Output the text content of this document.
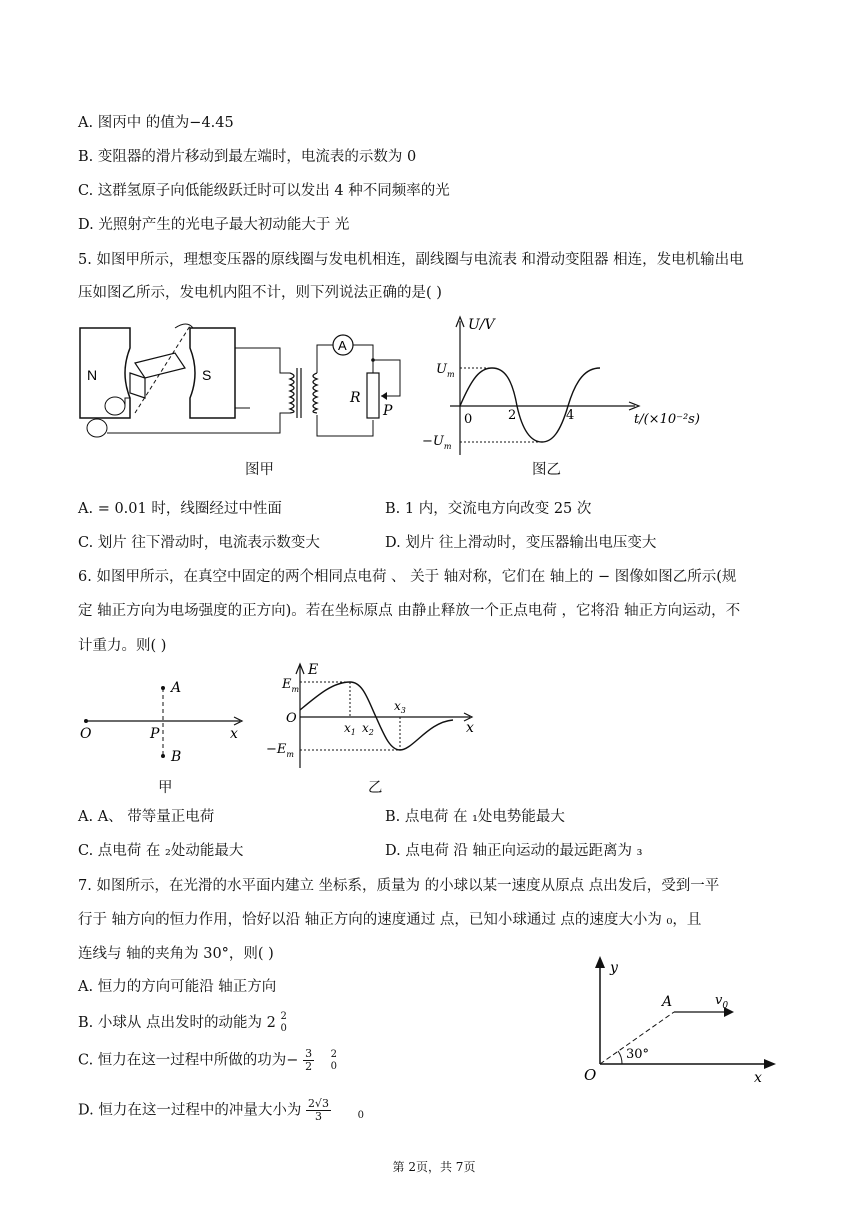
A. 图丙中 的值为−4.45
B. 变阻器的滑片移动到最左端时，电流表的示数为 0
C. 这群氢原子向低能级跃迁时可以发出 4 种不同频率的光
D. 光照射产生的光电子最大初动能大于 光
5. 如图甲所示，理想变压器的原线圈与发电机相连，副线圈与电流表 和滑动变阻器 相连，发电机输出电
压如图乙所示，发电机内阻不计，则下列说法正确的是( )
N	S
A
R
P
图甲
U/V
0
$U_m$
$-U_m$
2	4	t/(×10⁻²s)
图乙
A. = 0.01 时，线圈经过中性面	B. 1 内，交流电方向改变 25 次
C. 划片 往下滑动时，电流表示数变大	D. 划片 往上滑动时，变压器输出电压变大
6. 如图甲所示，在真空中固定的两个相同点电荷 、 关于 轴对称，它们在 轴上的 − 图像如图乙所示(规
定 轴正方向为电场强度的正方向)。若在坐标原点 由静止释放一个正点电荷 ，它将沿 轴正方向运动，不
计重力。则( )
A
B
P
O	x
甲
E
$E_m$
O
$-E_m$
$x_1$ $x_2$
$x_3$
x
乙
A. A、 带等量正电荷	B. 点电荷 在 ₁处电势能最大
C. 点电荷 在 ₂处动能最大	D. 点电荷 沿 轴正向运动的最远距离为 ₃
7. 如图所示，在光滑的水平面内建立 坐标系，质量为 的小球以某一速度从原点 点出发后，受到一平
行于 轴方向的恒力作用，恰好以沿 轴正方向的速度通过 点，已知小球通过 点的速度大小为 ₀，且
连线与 轴的夹角为 30°，则( )
A. 恒力的方向可能沿 轴正方向
B. 小球从 点出发时的动能为 2 2
0
C. 恒力在这一过程中所做的功为− $\frac{3}{2}$
2
0
D. 恒力在这一过程中的冲量大小为 $\frac{2√3}{3}$	$_0$
y
x
O
A	$v_0$
30°
第 2页，共 7页
